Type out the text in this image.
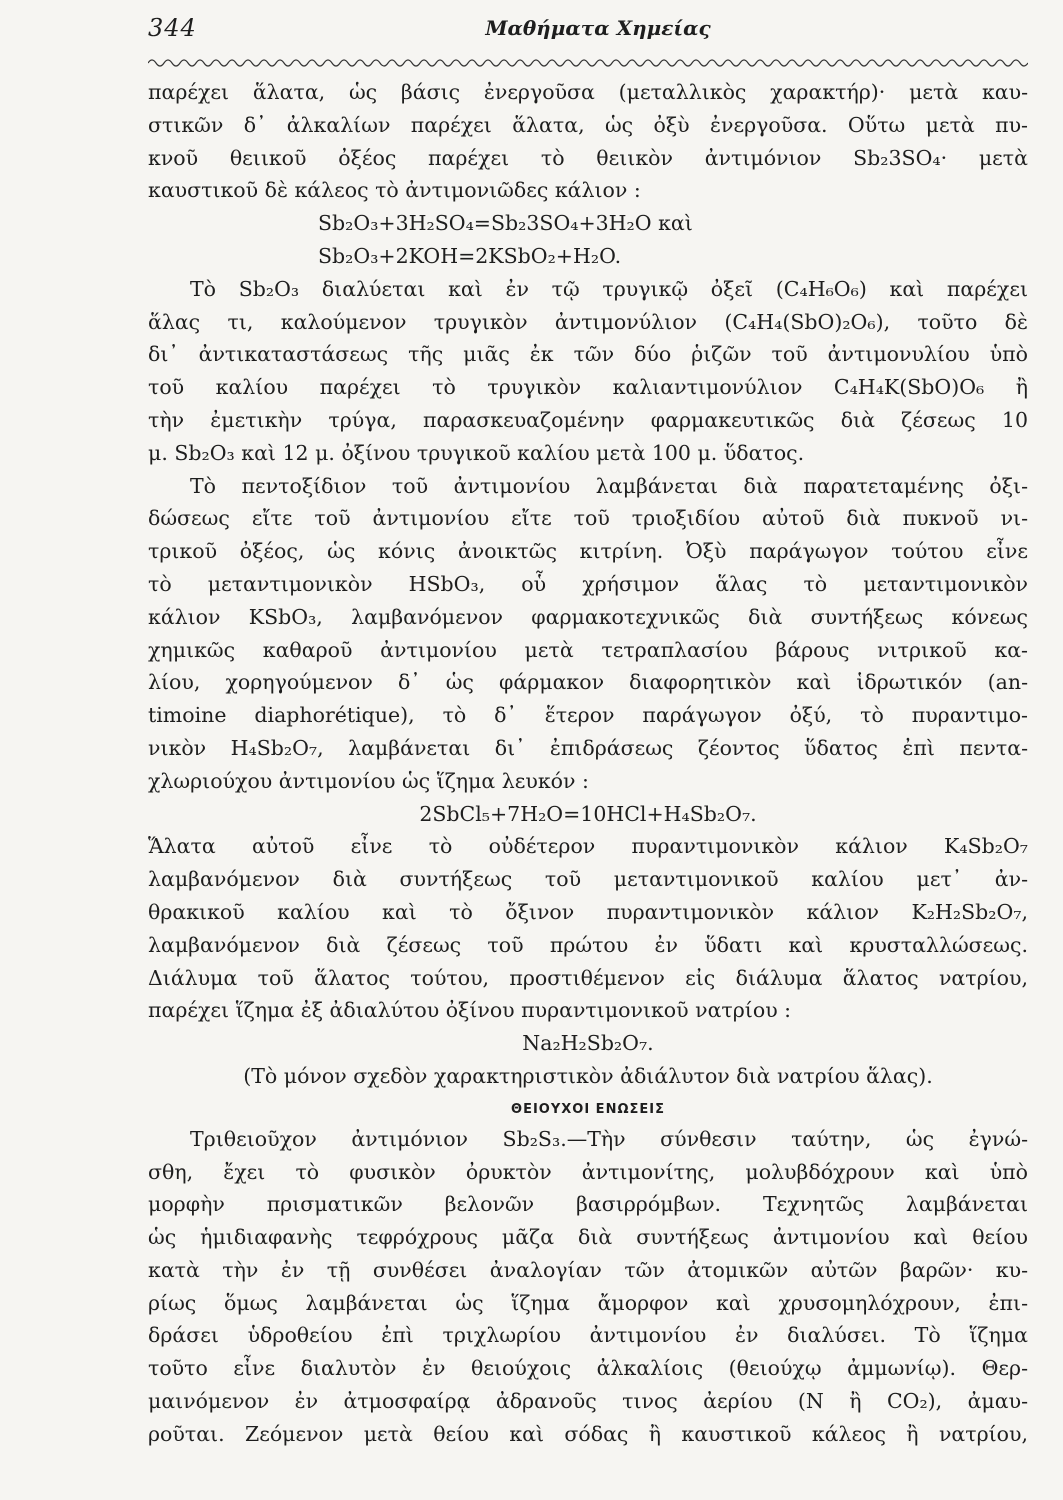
344	Μαθήματα Χημείας
παρέχει ἅλατα, ὡς βάσις ἐνεργοῦσα (μεταλλικὸς χαρακτήρ)· μετὰ καυ-
στικῶν δ᾽ ἀλκαλίων παρέχει ἅλατα, ὡς ὀξὺ ἐνεργοῦσα. Οὕτω μετὰ πυ-
κνοῦ θειικοῦ ὀξέος παρέχει τὸ θειικὸν ἀντιμόνιον Sb₂3SO₄· μετὰ
καυστικοῦ δὲ κάλεος τὸ ἀντιμονιῶδες κάλιον :
Sb₂O₃+3H₂SO₄=Sb₂3SO₄+3H₂O καὶ
Sb₂O₃+2KOH=2KSbO₂+H₂O.
Τὸ Sb₂O₃ διαλύεται καὶ ἐν τῷ τρυγικῷ ὀξεῖ (C₄H₆O₆) καὶ παρέχει
ἅλας τι, καλούμενον τρυγικὸν ἀντιμονύλιον (C₄H₄(SbO)₂O₆), τοῦτο δὲ
δι᾽ ἀντικαταστάσεως τῆς μιᾶς ἐκ τῶν δύο ῥιζῶν τοῦ ἀντιμονυλίου ὑπὸ
τοῦ καλίου παρέχει τὸ τρυγικὸν καλιαντιμονύλιον C₄H₄K(SbO)O₆ ἢ
τὴν ἐμετικὴν τρύγα, παρασκευαζομένην φαρμακευτικῶς διὰ ζέσεως 10
μ. Sb₂O₃ καὶ 12 μ. ὀξίνου τρυγικοῦ καλίου μετὰ 100 μ. ὕδατος.
Τὸ πεντοξίδιον τοῦ ἀντιμονίου λαμβάνεται διὰ παρατεταμένης ὀξι-
δώσεως εἴτε τοῦ ἀντιμονίου εἴτε τοῦ τριοξιδίου αὐτοῦ διὰ πυκνοῦ νι-
τρικοῦ ὀξέος, ὡς κόνις ἀνοικτῶς κιτρίνη. Ὀξὺ παράγωγον τούτου εἶνε
τὸ μεταντιμονικὸν HSbO₃, οὗ χρήσιμον ἅλας τὸ μεταντιμονικὸν
κάλιον KSbO₃, λαμβανόμενον φαρμακοτεχνικῶς διὰ συντήξεως κόνεως
χημικῶς καθαροῦ ἀντιμονίου μετὰ τετραπλασίου βάρους νιτρικοῦ κα-
λίου, χορηγούμενον δ᾽ ὡς φάρμακον διαφορητικὸν καὶ ἱδρωτικόν (an-
timoine diaphorétique), τὸ δ᾽ ἕτερον παράγωγον ὀξύ, τὸ πυραντιμο-
νικὸν H₄Sb₂O₇, λαμβάνεται δι᾽ ἐπιδράσεως ζέοντος ὕδατος ἐπὶ πεντα-
χλωριούχου ἀντιμονίου ὡς ἵζημα λευκόν :
2SbCl₅+7H₂O=10HCl+H₄Sb₂O₇.
Ἅλατα αὐτοῦ εἶνε τὸ οὐδέτερον πυραντιμονικὸν κάλιον K₄Sb₂O₇
λαμβανόμενον διὰ συντήξεως τοῦ μεταντιμονικοῦ καλίου μετ᾽ ἀν-
θρακικοῦ καλίου καὶ τὸ ὄξινον πυραντιμονικὸν κάλιον K₂H₂Sb₂O₇,
λαμβανόμενον διὰ ζέσεως τοῦ πρώτου ἐν ὕδατι καὶ κρυσταλλώσεως.
Διάλυμα τοῦ ἅλατος τούτου, προστιθέμενον εἰς διάλυμα ἅλατος νατρίου,
παρέχει ἵζημα ἐξ ἀδιαλύτου ὀξίνου πυραντιμονικοῦ νατρίου :
Na₂H₂Sb₂O₇.
(Τὸ μόνον σχεδὸν χαρακτηριστικὸν ἀδιάλυτον διὰ νατρίου ἅλας).
ΘΕΙΟΥΧΟΙ ΕΝΩΣΕΙΣ
Τριθειοῦχον ἀντιμόνιον Sb₂S₃.—Τὴν σύνθεσιν ταύτην, ὡς ἐγνώ-
σθη, ἔχει τὸ φυσικὸν ὀρυκτὸν ἀντιμονίτης, μολυβδόχρουν καὶ ὑπὸ
μορφὴν πρισματικῶν βελονῶν βασιρρόμβων. Τεχνητῶς λαμβάνεται
ὡς ἡμιδιαφανὴς τεφρόχρους μᾶζα διὰ συντήξεως ἀντιμονίου καὶ θείου
κατὰ τὴν ἐν τῇ συνθέσει ἀναλογίαν τῶν ἀτομικῶν αὐτῶν βαρῶν· κυ-
ρίως ὅμως λαμβάνεται ὡς ἵζημα ἄμορφον καὶ χρυσομηλόχρουν, ἐπι-
δράσει ὑδροθείου ἐπὶ τριχλωρίου ἀντιμονίου ἐν διαλύσει. Τὸ ἵζημα
τοῦτο εἶνε διαλυτὸν ἐν θειούχοις ἀλκαλίοις (θειούχῳ ἀμμωνίῳ). Θερ-
μαινόμενον ἐν ἀτμοσφαίρᾳ ἀδρανοῦς τινος ἀερίου (N ἢ CO₂), ἀμαυ-
ροῦται. Ζεόμενον μετὰ θείου καὶ σόδας ἢ καυστικοῦ κάλεος ἢ νατρίου,
